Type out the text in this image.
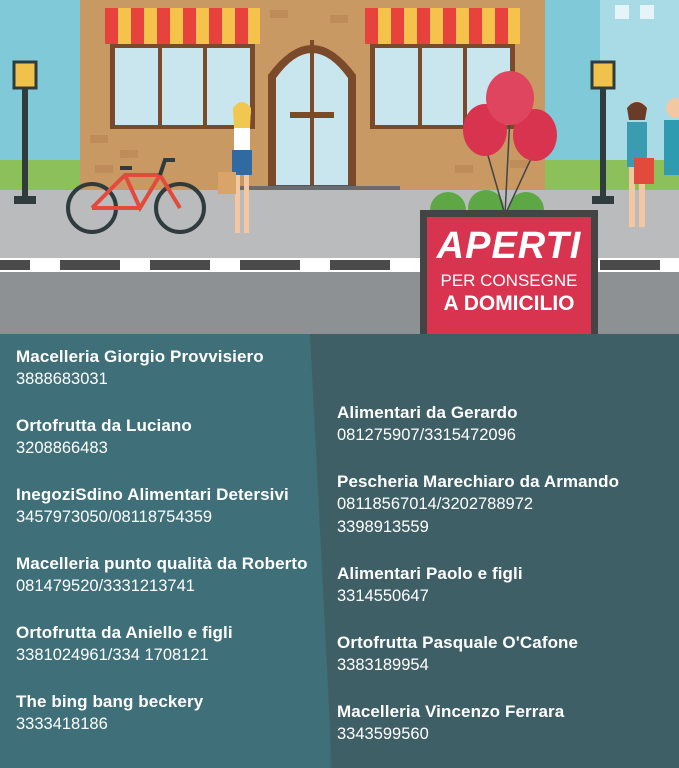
APERTI
PER CONSEGNE
A DOMICILIO
Macelleria Giorgio Provvisiero
3888683031
Ortofrutta da Luciano
3208866483
InegoziSdino Alimentari Detersivi
3457973050/08118754359
Macelleria punto qualità da Roberto
081479520/3331213741
Ortofrutta da Aniello e figli
3381024961/334 1708121
The bing bang beckery
3333418186
Alimentari da Gerardo
081275907/3315472096
Pescheria Marechiaro da Armando
08118567014/3202788972
3398913559
Alimentari Paolo e figli
3314550647
Ortofrutta Pasquale O'Cafone
3383189954
Macelleria Vincenzo Ferrara
3343599560
